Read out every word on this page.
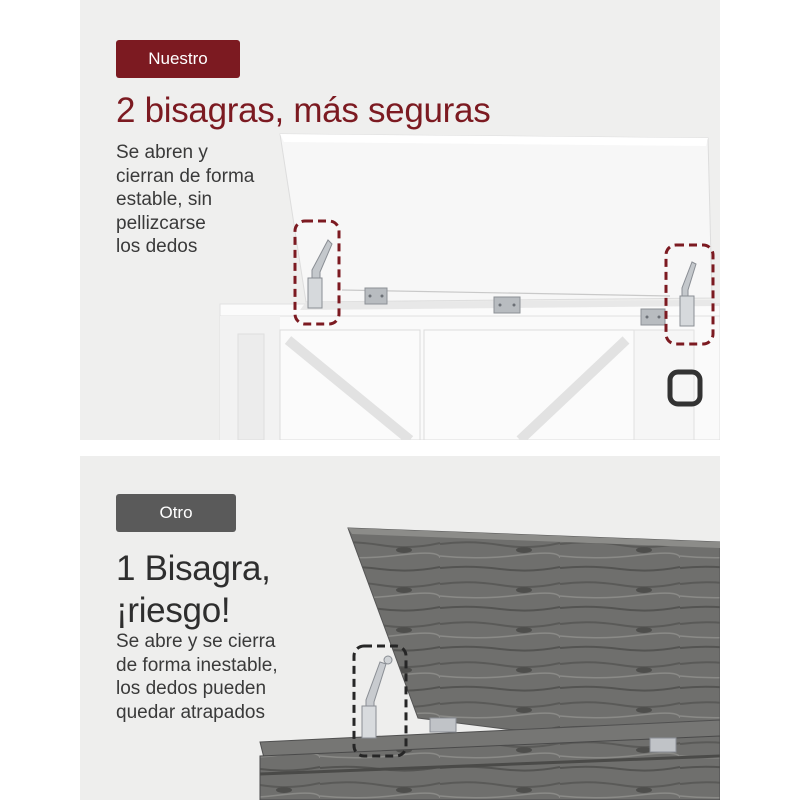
Nuestro
2 bisagras, más seguras
Se abren y
cierran de forma
estable, sin
pellizcarse
los dedos
Otro
1 Bisagra,
¡riesgo!
Se abre y se cierra
de forma inestable,
los dedos pueden
quedar atrapados
